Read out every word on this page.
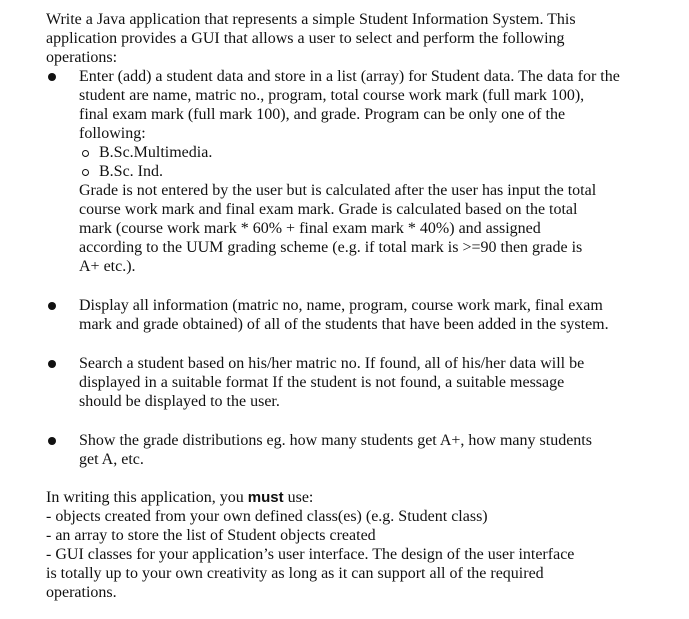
Write a Java application that represents a simple Student Information System. This
application provides a GUI that allows a user to select and perform the following
operations:
Enter (add) a student data and store in a list (array) for Student data. The data for the
student are name, matric no., program, total course work mark (full mark 100),
final exam mark (full mark 100), and grade. Program can be only one of the
following:
B.Sc.Multimedia.
B.Sc. Ind.
Grade is not entered by the user but is calculated after the user has input the total
course work mark and final exam mark. Grade is calculated based on the total
mark (course work mark * 60% + final exam mark * 40%) and assigned
according to the UUM grading scheme (e.g. if total mark is >=90 then grade is
A+ etc.).
Display all information (matric no, name, program, course work mark, final exam
mark and grade obtained) of all of the students that have been added in the system.
Search a student based on his/her matric no. If found, all of his/her data will be
displayed in a suitable format If the student is not found, a suitable message
should be displayed to the user.
Show the grade distributions eg. how many students get A+, how many students
get A, etc.
In writing this application, you must use:
- objects created from your own defined class(es) (e.g. Student class)
- an array to store the list of Student objects created
- GUI classes for your application’s user interface. The design of the user interface
is totally up to your own creativity as long as it can support all of the required
operations.
